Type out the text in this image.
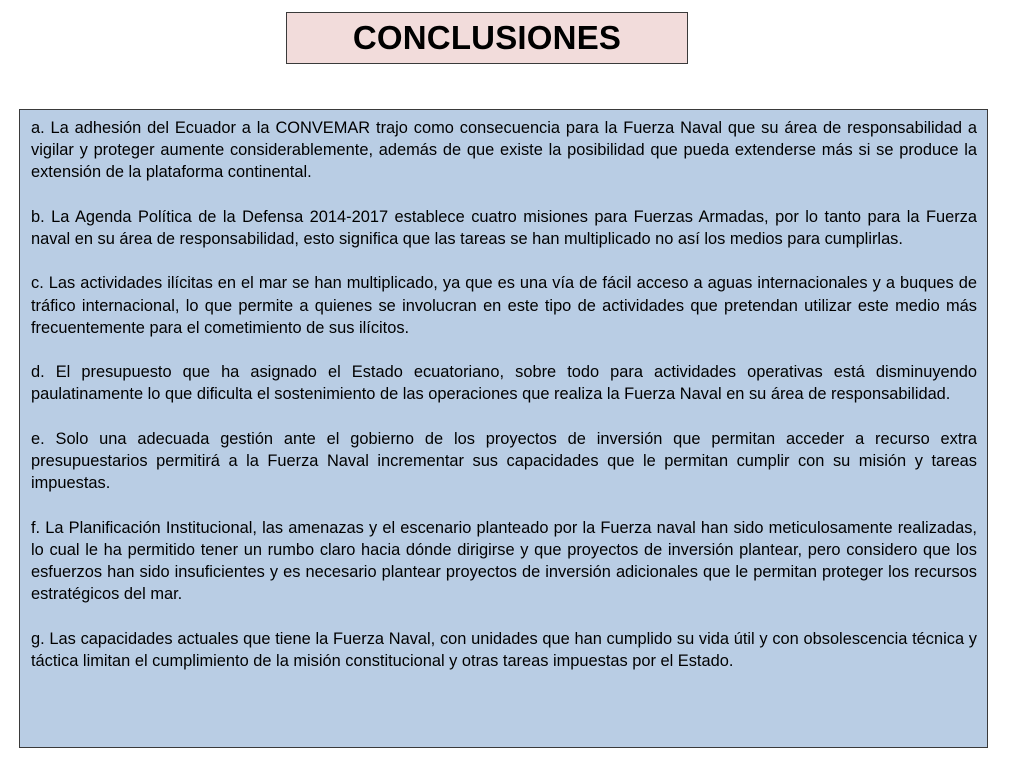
CONCLUSIONES

a. La adhesión del Ecuador a la CONVEMAR trajo como consecuencia para la Fuerza Naval que su área de responsabilidad a vigilar y proteger aumente considerablemente, además de que existe la posibilidad que pueda extenderse más si se produce la extensión de la plataforma continental.

b. La Agenda Política de la Defensa 2014-2017 establece cuatro misiones para Fuerzas Armadas, por lo tanto para la Fuerza naval en su área de responsabilidad, esto significa que las tareas se han multiplicado no así los medios para cumplirlas.

c. Las actividades ilícitas en el mar se han multiplicado, ya que es una vía de fácil acceso a aguas internacionales y a buques de tráfico internacional, lo que permite a quienes se involucran en este tipo de actividades que pretendan utilizar este medio más frecuentemente para el cometimiento de sus ilícitos.

d. El presupuesto que ha asignado el Estado ecuatoriano, sobre todo para actividades operativas está disminuyendo paulatinamente lo que dificulta el sostenimiento de las operaciones que realiza la Fuerza Naval en su área de responsabilidad.

e. Solo una adecuada gestión ante el gobierno de los proyectos de inversión que permitan acceder a recurso extra presupuestarios permitirá a la Fuerza Naval incrementar sus capacidades que le permitan cumplir con su misión y tareas impuestas.

f. La Planificación Institucional, las amenazas y el escenario planteado por la Fuerza naval han sido meticulosamente realizadas, lo cual le ha permitido tener un rumbo claro hacia dónde dirigirse y que proyectos de inversión plantear, pero considero que los esfuerzos han sido insuficientes y es necesario plantear proyectos de inversión adicionales que le permitan proteger los recursos estratégicos del mar.

g. Las capacidades actuales que tiene la Fuerza Naval, con unidades que han cumplido su vida útil y con obsolescencia técnica y táctica limitan el cumplimiento de la misión constitucional y otras tareas impuestas por el Estado.
